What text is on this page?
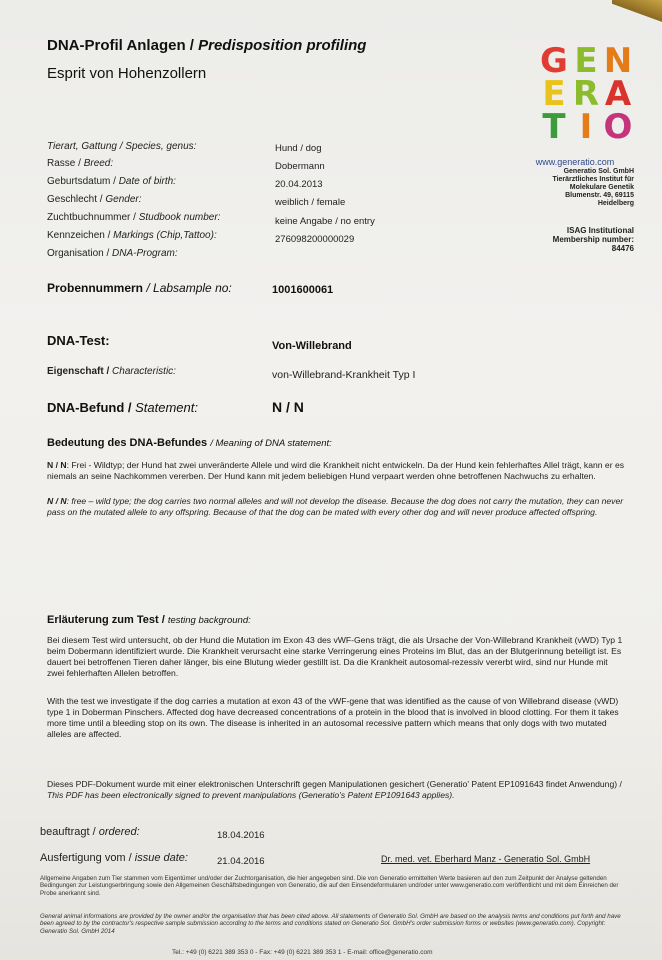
DNA-Profil Anlagen / Predisposition profiling
Esprit von Hohenzollern	G E N
E R A
T I O
www.generatio.com
Generatio Sol. GmbH
Tierärztliches Institut für
Molekulare Genetik
Blumenstr. 49, 69115
Heidelberg
ISAG Institutional
Membership number:
84476
Tierart, Gattung / Species, genus:	Hund / dog
Rasse / Breed:	Dobermann
Geburtsdatum / Date of birth:	20.04.2013
Geschlecht / Gender:	weiblich / female
Zuchtbuchnummer / Studbook number:	keine Angabe / no entry
Kennzeichen / Markings (Chip,Tattoo):	276098200000029
Organisation / DNA-Program:
Probennummern / Labsample no:	1001600061
DNA-Test:	Von-Willebrand
Eigenschaft / Characteristic:	von-Willebrand-Krankheit Typ I
DNA-Befund / Statement:	N / N
Bedeutung des DNA-Befundes / Meaning of DNA statement:
N / N: Frei - Wildtyp; der Hund hat zwei unveränderte Allele und wird die Krankheit nicht entwickeln. Da der Hund kein fehlerhaftes Allel trägt, kann er es niemals an seine Nachkommen vererben. Der Hund kann mit jedem beliebigen Hund verpaart werden ohne betroffenen Nachwuchs zu erhalten.
N / N: free – wild type; the dog carries two normal alleles and will not develop the disease. Because the dog does not carry the mutation, they can never pass on the mutated allele to any offspring. Because of that the dog can be mated with every other dog and will never produce affected offspring.
Erläuterung zum Test / testing background:
Bei diesem Test wird untersucht, ob der Hund die Mutation im Exon 43 des vWF-Gens trägt, die als Ursache der Von-Willebrand Krankheit (vWD) Typ 1 beim Dobermann identifiziert wurde. Die Krankheit verursacht eine starke Verringerung eines Proteins im Blut, das an der Blutgerinnung beteiligt ist. Es dauert bei betroffenen Tieren daher länger, bis eine Blutung wieder gestillt ist. Da die Krankheit autosomal-rezessiv vererbt wird, sind nur Hunde mit zwei fehlerhaften Allelen betroffen.
With the test we investigate if the dog carries a mutation at exon 43 of the vWF-gene that was identified as the cause of von Willebrand disease (vWD) type 1 in Doberman Pinschers. Affected dog have decreased concentrations of a protein in the blood that is involved in blood clotting. For them it takes more time until a bleeding stop on its own. The disease is inherited in an autosomal recessive pattern which means that only dogs with two mutated alleles are affected.
Dieses PDF-Dokument wurde mit einer elektronischen Unterschrift gegen Manipulationen gesichert (Generatio' Patent EP1091643 findet Anwendung) / This PDF has been electronically signed to prevent manipulations (Generatio's Patent EP1091643 applies).
beauftragt / ordered:	18.04.2016
Ausfertigung vom / issue date:	21.04.2016	Dr. med. vet. Eberhard Manz - Generatio Sol. GmbH
Allgemeine Angaben zum Tier stammen vom Eigentümer und/oder der Zuchtorganisation, die hier angegeben sind. Die von Generatio ermittelten Werte basieren auf den zum Zeitpunkt der Analyse geltenden Bedingungen zur Leistungserbringung sowie den Allgemeinen Geschäftsbedingungen von Generatio, die auf den Einsendeformularen und/oder unter www.generatio.com veröffentlicht und mit dem Einreichen der Probe anerkannt sind.
General animal informations are provided by the owner and/or the organisation that has been cited above. All statements of Generatio Sol. GmbH are based on the analysis terms and conditions put forth and have been agreed to by the contractor's respective sample submission according to the terms and conditions stated on Generatio Sol. GmbH's order submission forms or websites (www.generatio.com). Copyright: Generatio Sol. GmbH 2014
Tel.: +49 (0) 6221 389 353 0 - Fax: +49 (0) 6221 389 353 1 - E-mail: office@generatio.com
